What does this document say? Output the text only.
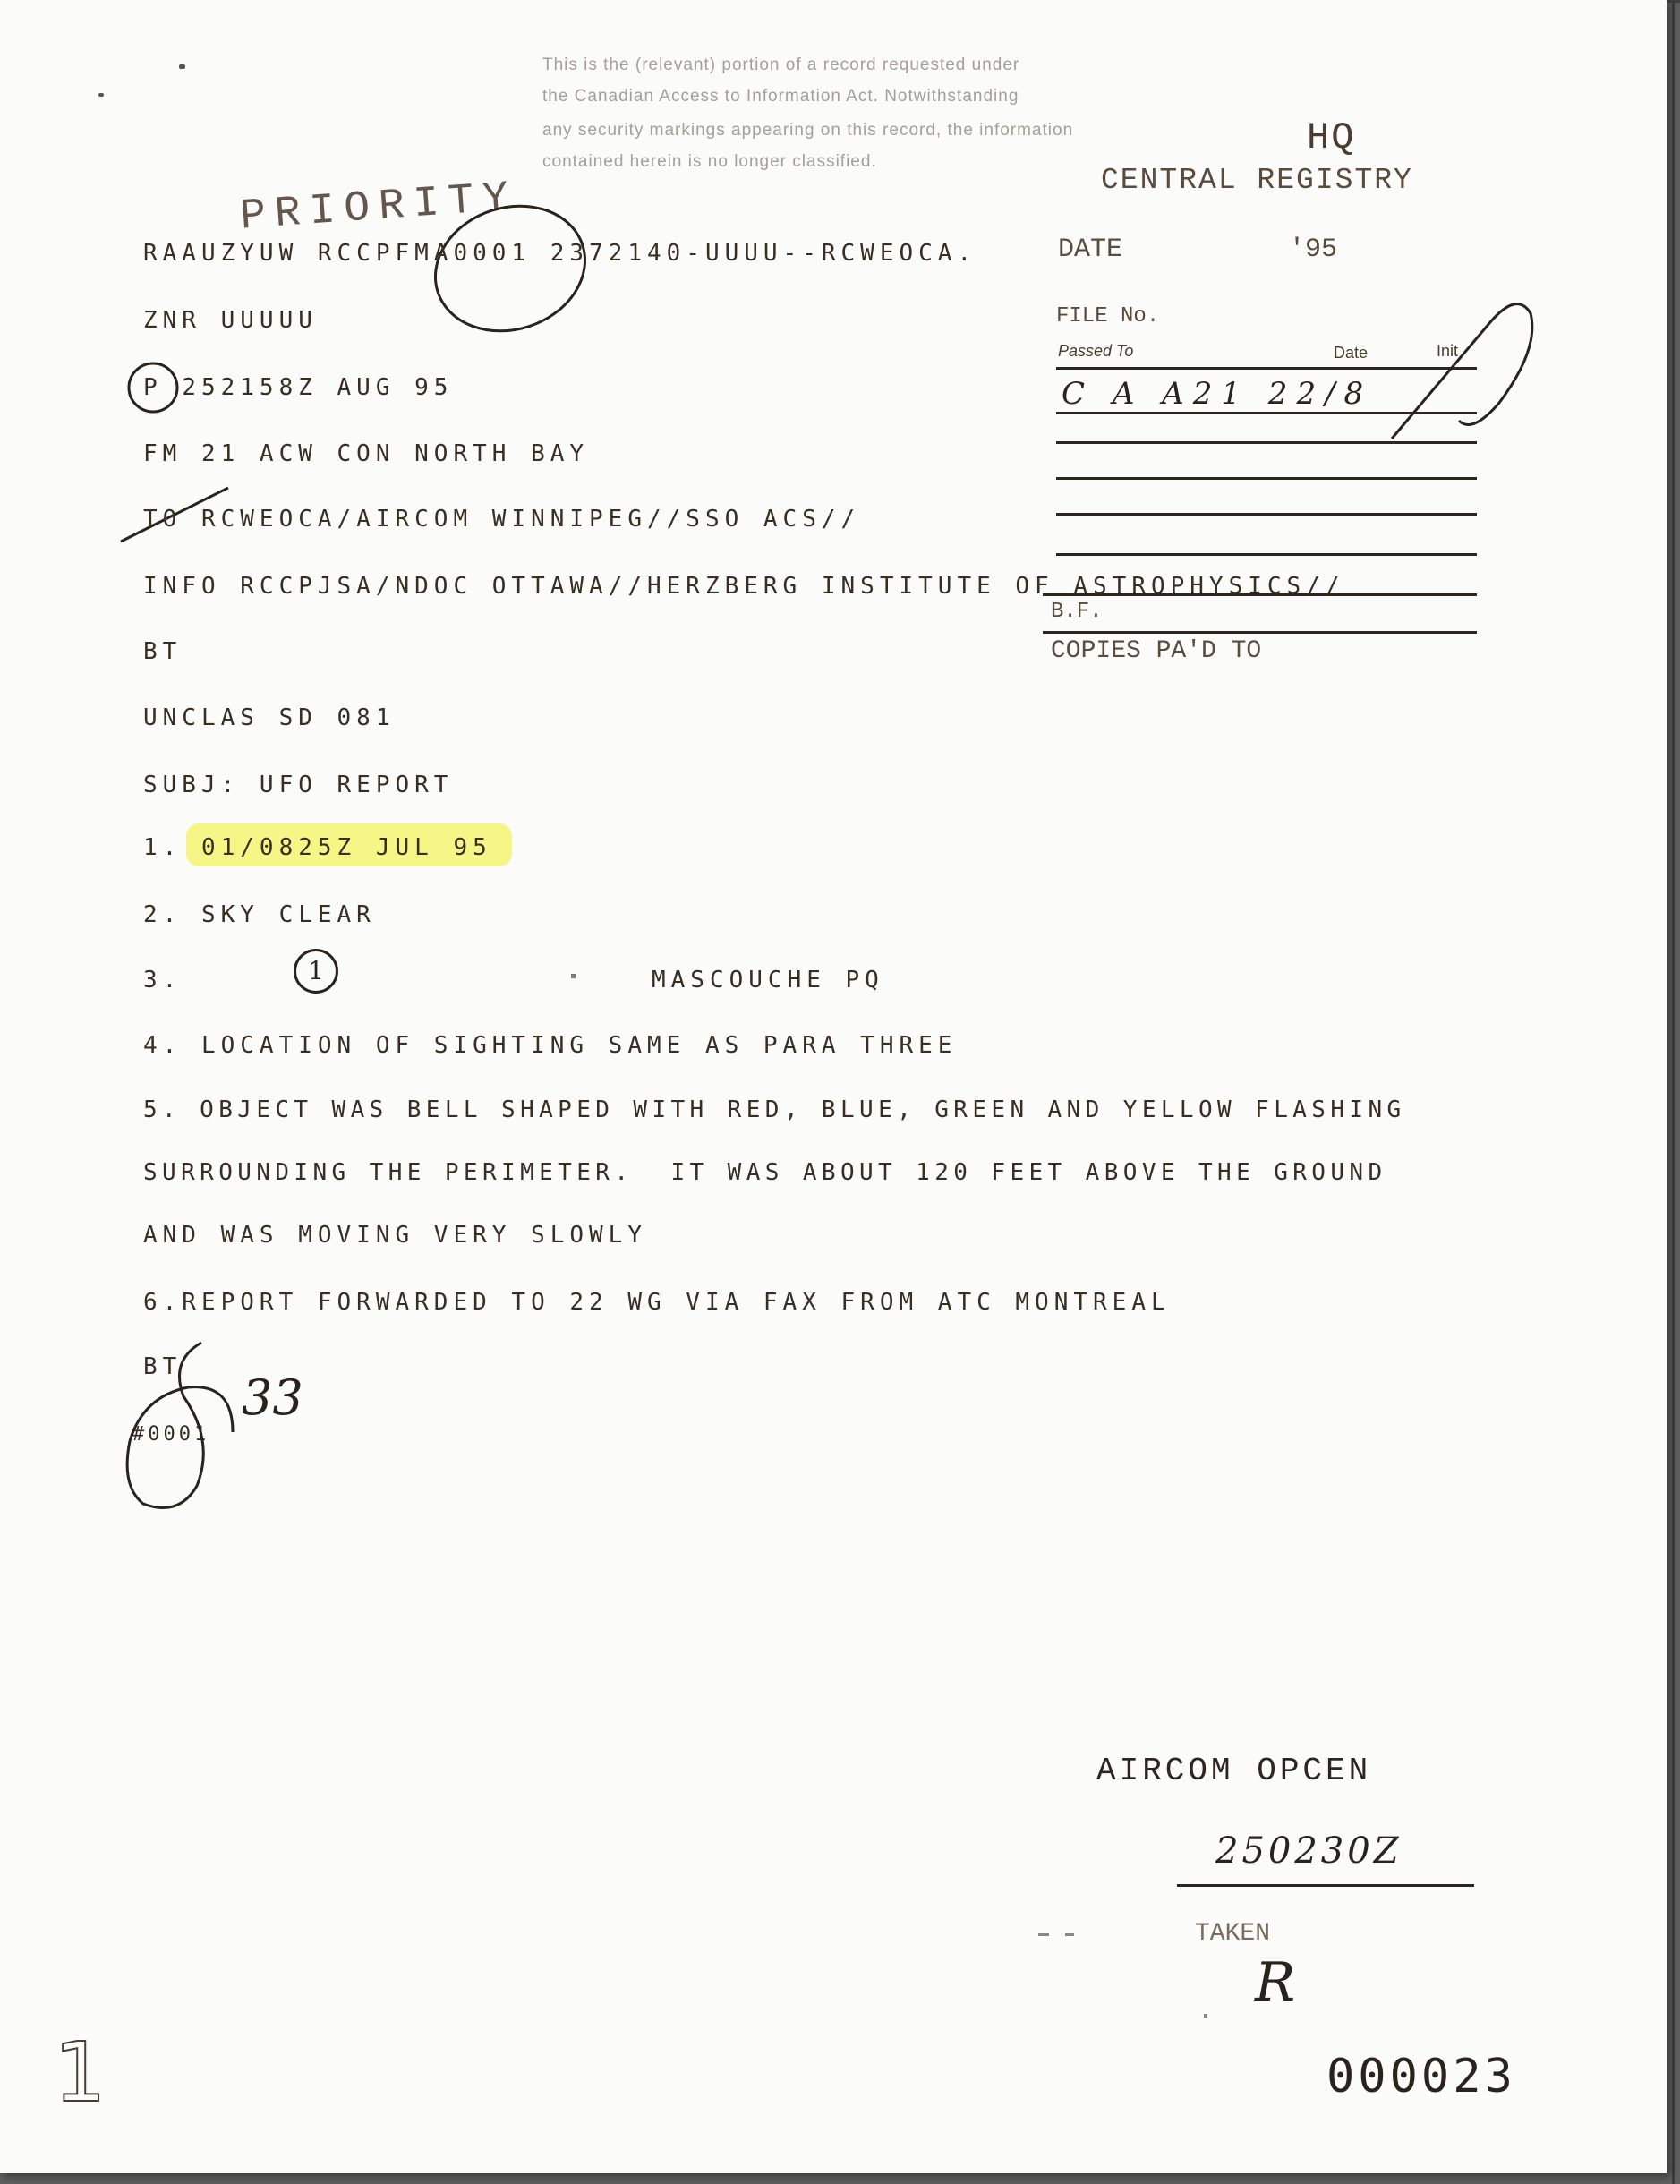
This is the (relevant) portion of a record requested under
the Canadian Access to Information Act. Notwithstanding
any security markings appearing on this record, the information
contained herein is no longer classified.
PRIORITY
HQ
CENTRAL REGISTRY
DATE	'95
FILE No.
Passed To	Date	Init
C A A21 22/8
B.F.
COPIES PA'D TO
RAAUZYUW RCCPFMA0001 2372140-UUUU--RCWEOCA.
ZNR UUUUU
P 252158Z AUG 95
FM 21 ACW CON NORTH BAY
TO RCWEOCA/AIRCOM WINNIPEG//SSO ACS//
INFO RCCPJSA/NDOC OTTAWA//HERZBERG INSTITUTE OF ASTROPHYSICS//
BT
UNCLAS SD 081
SUBJ: UFO REPORT
1. 01/0825Z JUL 95
2. SKY CLEAR
3.	1	MASCOUCHE PQ
4. LOCATION OF SIGHTING SAME AS PARA THREE
5. OBJECT WAS BELL SHAPED WITH RED, BLUE, GREEN AND YELLOW FLASHING
SURROUNDING THE PERIMETER.  IT WAS ABOUT 120 FEET ABOVE THE GROUND
AND WAS MOVING VERY SLOWLY
6.REPORT FORWARDED TO 22 WG VIA FAX FROM ATC MONTREAL
BT
#0001
33
AIRCOM OPCEN
250230Z
TAKEN
R
1	000023
